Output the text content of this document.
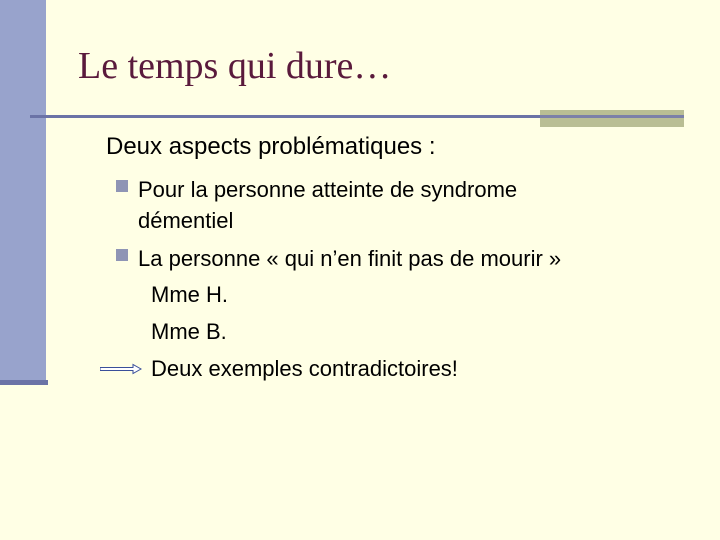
Le temps qui dure…
Deux aspects problématiques :
Pour la personne atteinte de syndrome
démentiel
La personne « qui n’en finit pas de mourir »
Mme H.
Mme B.
Deux exemples contradictoires!
